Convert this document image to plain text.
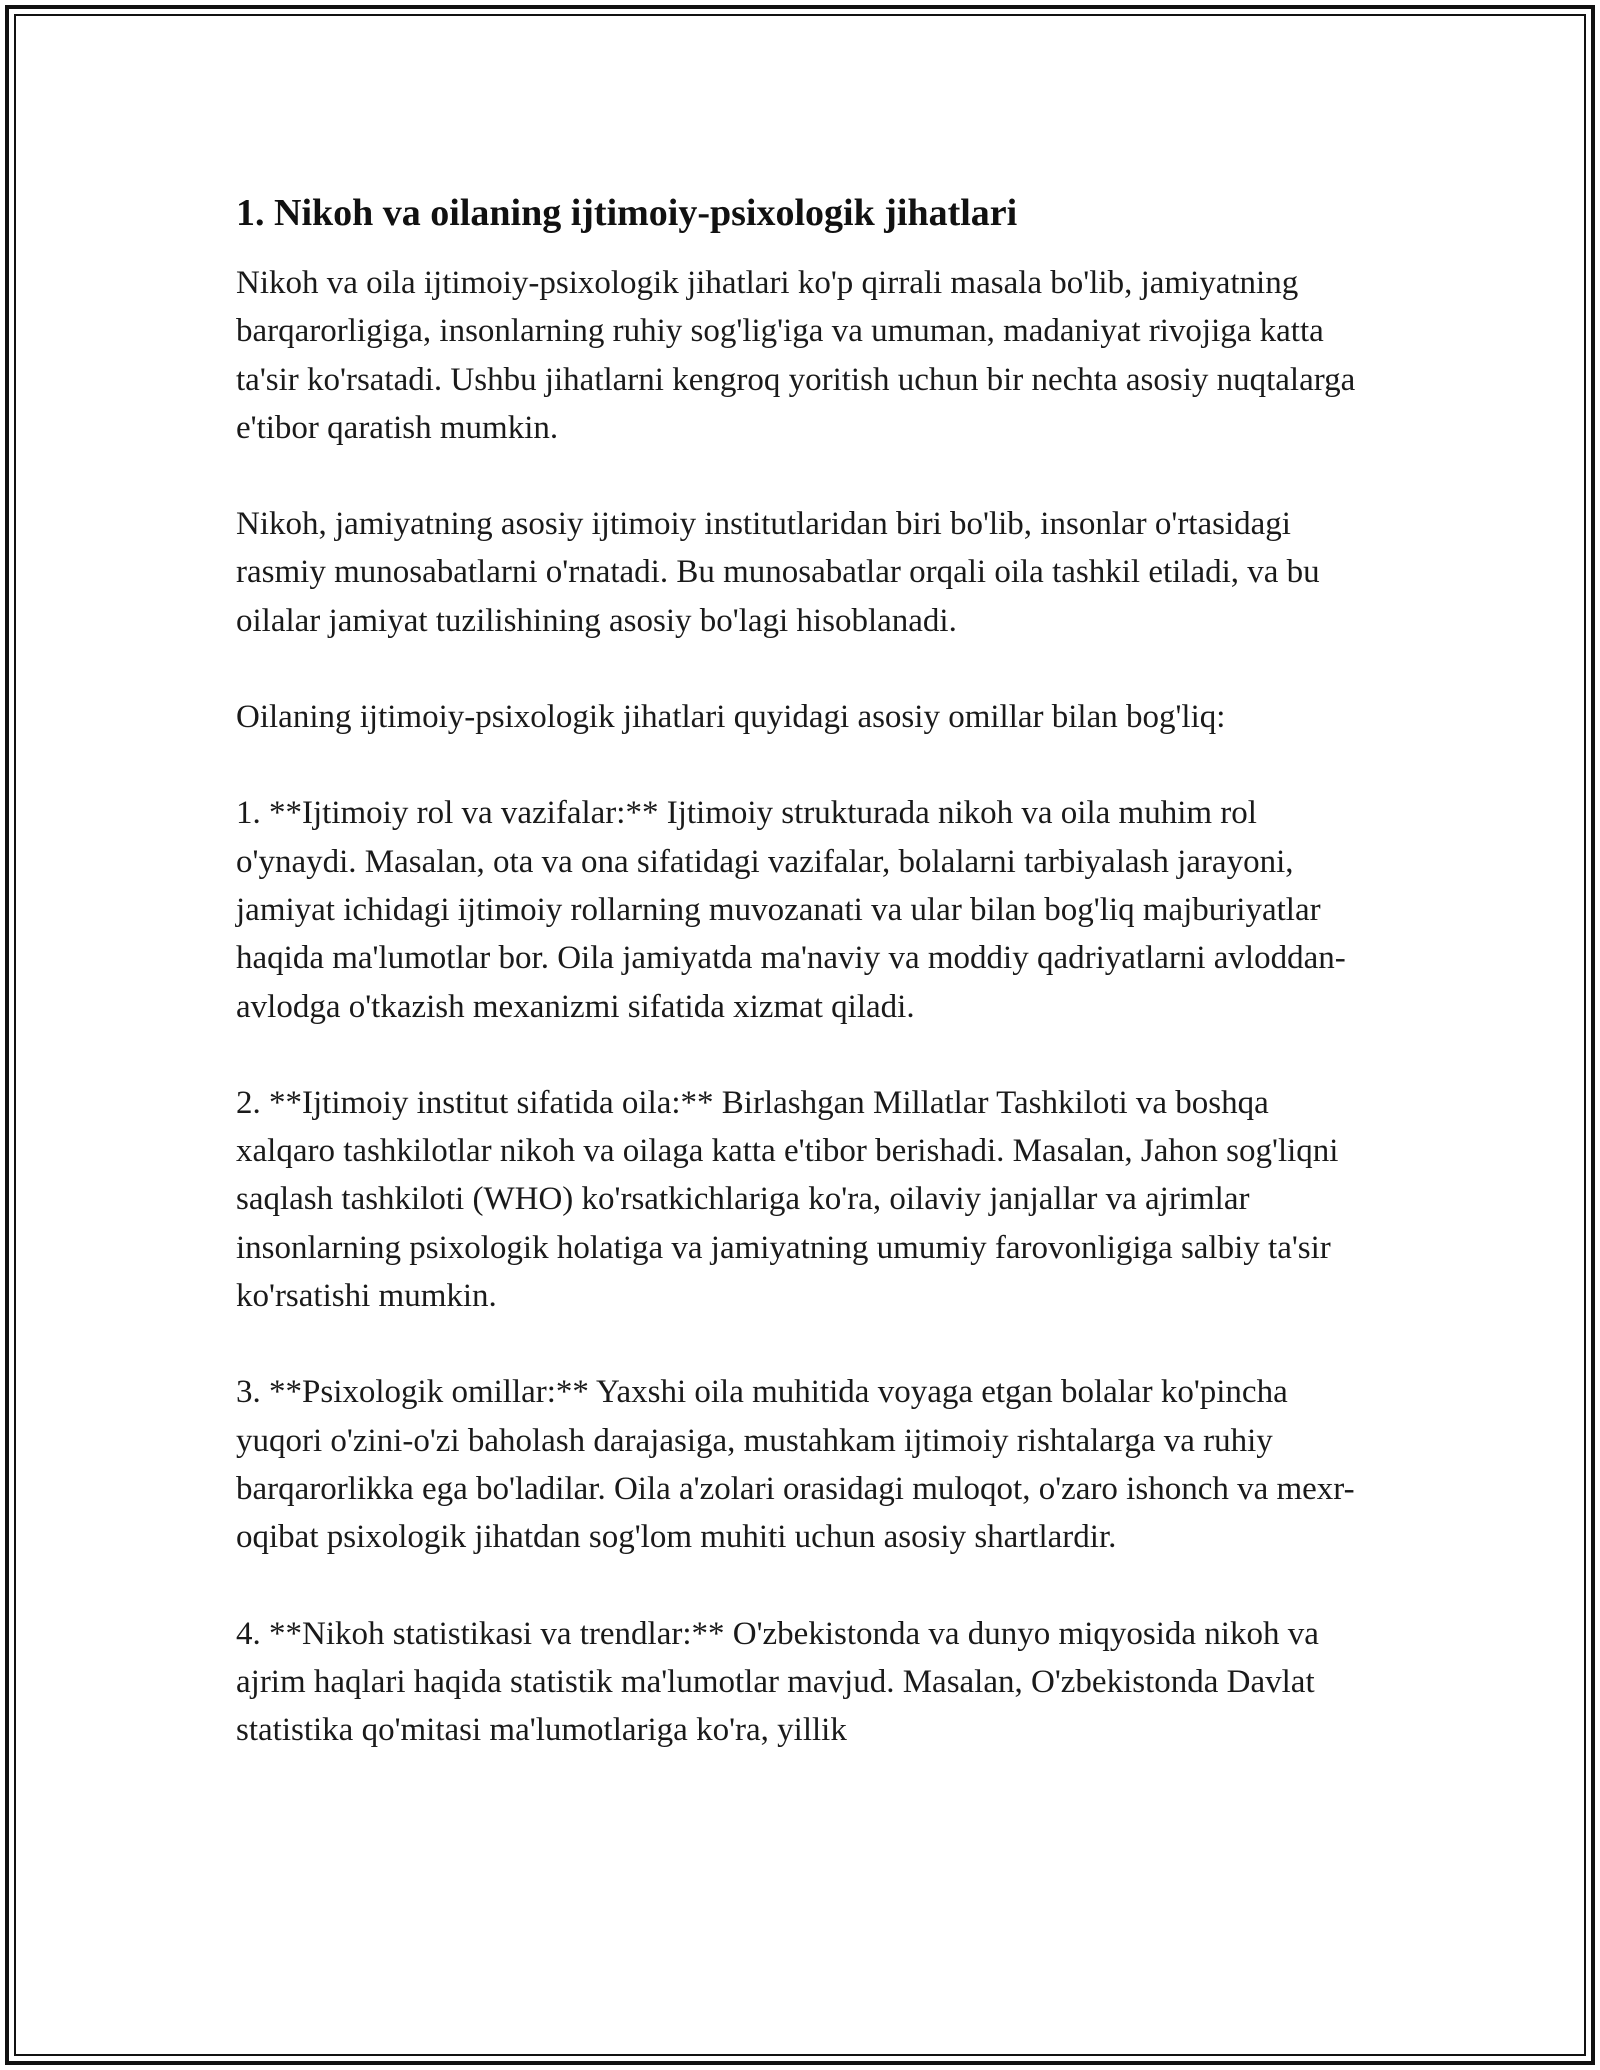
1. Nikoh va oilaning ijtimoiy-psixologik jihatlari

Nikoh va oila ijtimoiy-psixologik jihatlari ko'p qirrali masala bo'lib, jamiyatning barqarorligiga, insonlarning ruhiy sog'lig'iga va umuman, madaniyat rivojiga katta ta'sir ko'rsatadi. Ushbu jihatlarni kengroq yoritish uchun bir nechta asosiy nuqtalarga e'tibor qaratish mumkin.

Nikoh, jamiyatning asosiy ijtimoiy institutlaridan biri bo'lib, insonlar o'rtasidagi rasmiy munosabatlarni o'rnatadi. Bu munosabatlar orqali oila tashkil etiladi, va bu oilalar jamiyat tuzilishining asosiy bo'lagi hisoblanadi.

Oilaning ijtimoiy-psixologik jihatlari quyidagi asosiy omillar bilan bog'liq:

1. **Ijtimoiy rol va vazifalar:** Ijtimoiy strukturada nikoh va oila muhim rol o'ynaydi. Masalan, ota va ona sifatidagi vazifalar, bolalarni tarbiyalash jarayoni, jamiyat ichidagi ijtimoiy rollarning muvozanati va ular bilan bog'liq majburiyatlar haqida ma'lumotlar bor. Oila jamiyatda ma'naviy va moddiy qadriyatlarni avloddan-avlodga o'tkazish mexanizmi sifatida xizmat qiladi.

2. **Ijtimoiy institut sifatida oila:** Birlashgan Millatlar Tashkiloti va boshqa xalqaro tashkilotlar nikoh va oilaga katta e'tibor berishadi. Masalan, Jahon sog'liqni saqlash tashkiloti (WHO) ko'rsatkichlariga ko'ra, oilaviy janjallar va ajrimlar insonlarning psixologik holatiga va jamiyatning umumiy farovonligiga salbiy ta'sir ko'rsatishi mumkin.

3. **Psixologik omillar:** Yaxshi oila muhitida voyaga etgan bolalar ko'pincha yuqori o'zini-o'zi baholash darajasiga, mustahkam ijtimoiy rishtalarga va ruhiy barqarorlikka ega bo'ladilar. Oila a'zolari orasidagi muloqot, o'zaro ishonch va mexr-oqibat psixologik jihatdan sog'lom muhiti uchun asosiy shartlardir.

4. **Nikoh statistikasi va trendlar:** O'zbekistonda va dunyo miqyosida nikoh va ajrim haqlari haqida statistik ma'lumotlar mavjud. Masalan, O'zbekistonda Davlat statistika qo'mitasi ma'lumotlariga ko'ra, yillik
